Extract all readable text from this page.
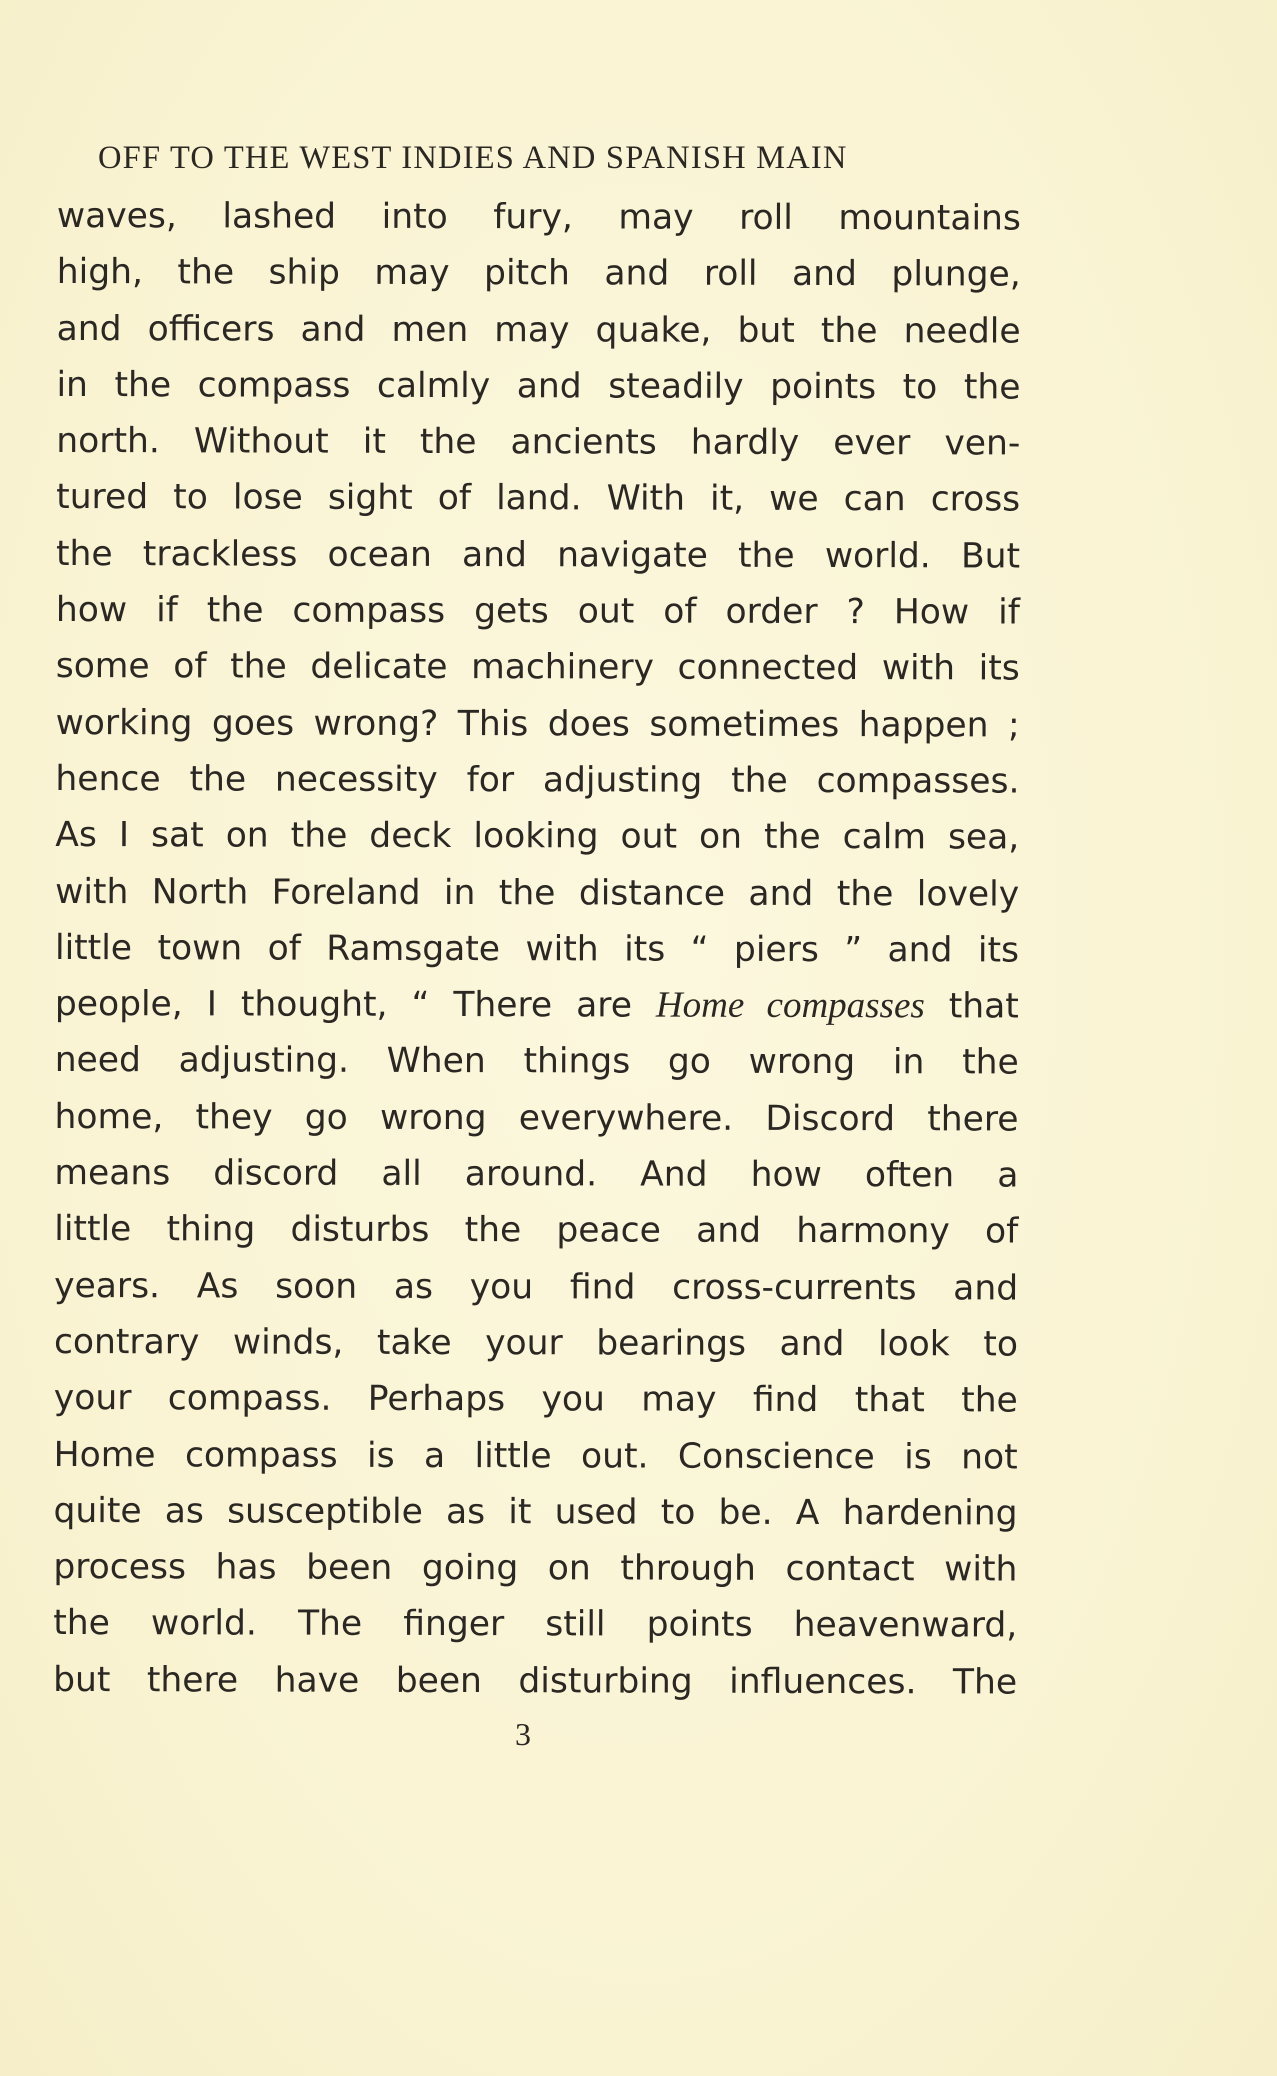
OFF TO THE WEST INDIES AND SPANISH MAIN
waves, lashed into fury, may roll mountains
high, the ship may pitch and roll and plunge,
and officers and men may quake, but the needle
in the compass calmly and steadily points to the
north. Without it the ancients hardly ever ven-
tured to lose sight of land. With it, we can cross
the trackless ocean and navigate the world. But
how if the compass gets out of order ? How if
some of the delicate machinery connected with its
working goes wrong? This does sometimes happen ;
hence the necessity for adjusting the compasses.
As I sat on the deck looking out on the calm sea,
with North Foreland in the distance and the lovely
little town of Ramsgate with its “ piers ” and its
people, I thought, “ There are Home compasses that
need adjusting. When things go wrong in the
home, they go wrong everywhere. Discord there
means discord all around. And how often a
little thing disturbs the peace and harmony of
years. As soon as you find cross-currents and
contrary winds, take your bearings and look to
your compass. Perhaps you may find that the
Home compass is a little out. Conscience is not
quite as susceptible as it used to be. A hardening
process has been going on through contact with
the world. The finger still points heavenward,
but there have been disturbing influences. The
3
